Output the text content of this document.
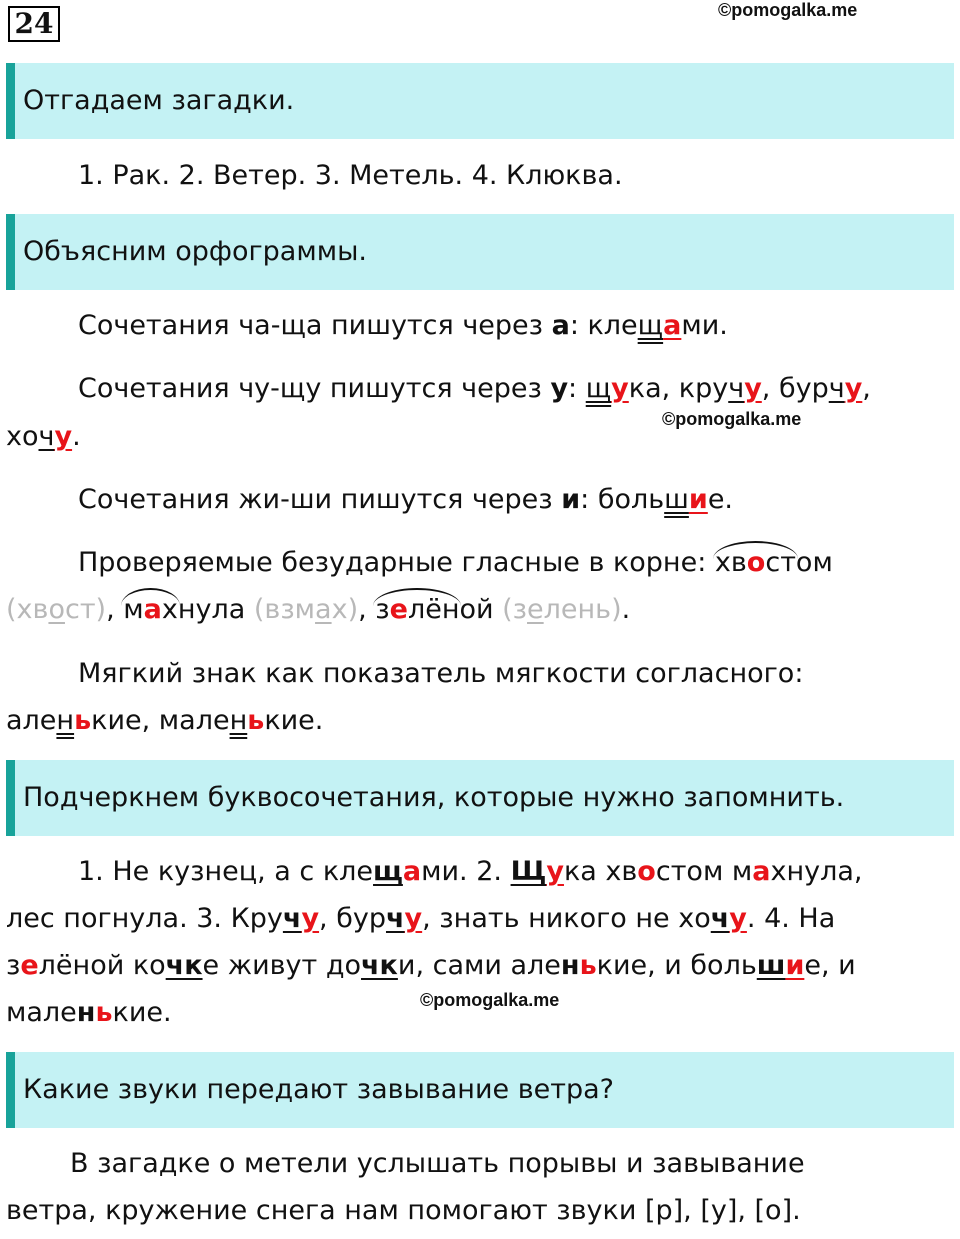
24	©pomogalka.me
Отгадаем загадки.
1. Рак. 2. Ветер. 3. Метель. 4. Клюква.
Объясним орфограммы.
Сочетания ча-ща пишутся через а: клещами.
Сочетания чу-щу пишутся через у: щука, кручу, бурчу,
©pomogalka.me
хочу.
Сочетания жи-ши пишутся через и: большие.
Проверяемые безударные гласные в корне: хвостом
(хвост), махнула (взмах), зелёной (зелень).
Мягкий знак как показатель мягкости согласного:
аленькие, маленькие.
Подчеркнем буквосочетания, которые нужно запомнить.
1. Не кузнец, а с клещами. 2. Щука хвостом махнула,
лес погнула. 3. Кручу, бурчу, знать никого не хочу. 4. На
зелёной кочке живут дочки, сами аленькие, и большие, и
©pomogalka.me
маленькие.
Какие звуки передают завывание ветра?
В загадке о метели услышать порывы и завывание
ветра, кружение снега нам помогают звуки [р], [у], [о].
